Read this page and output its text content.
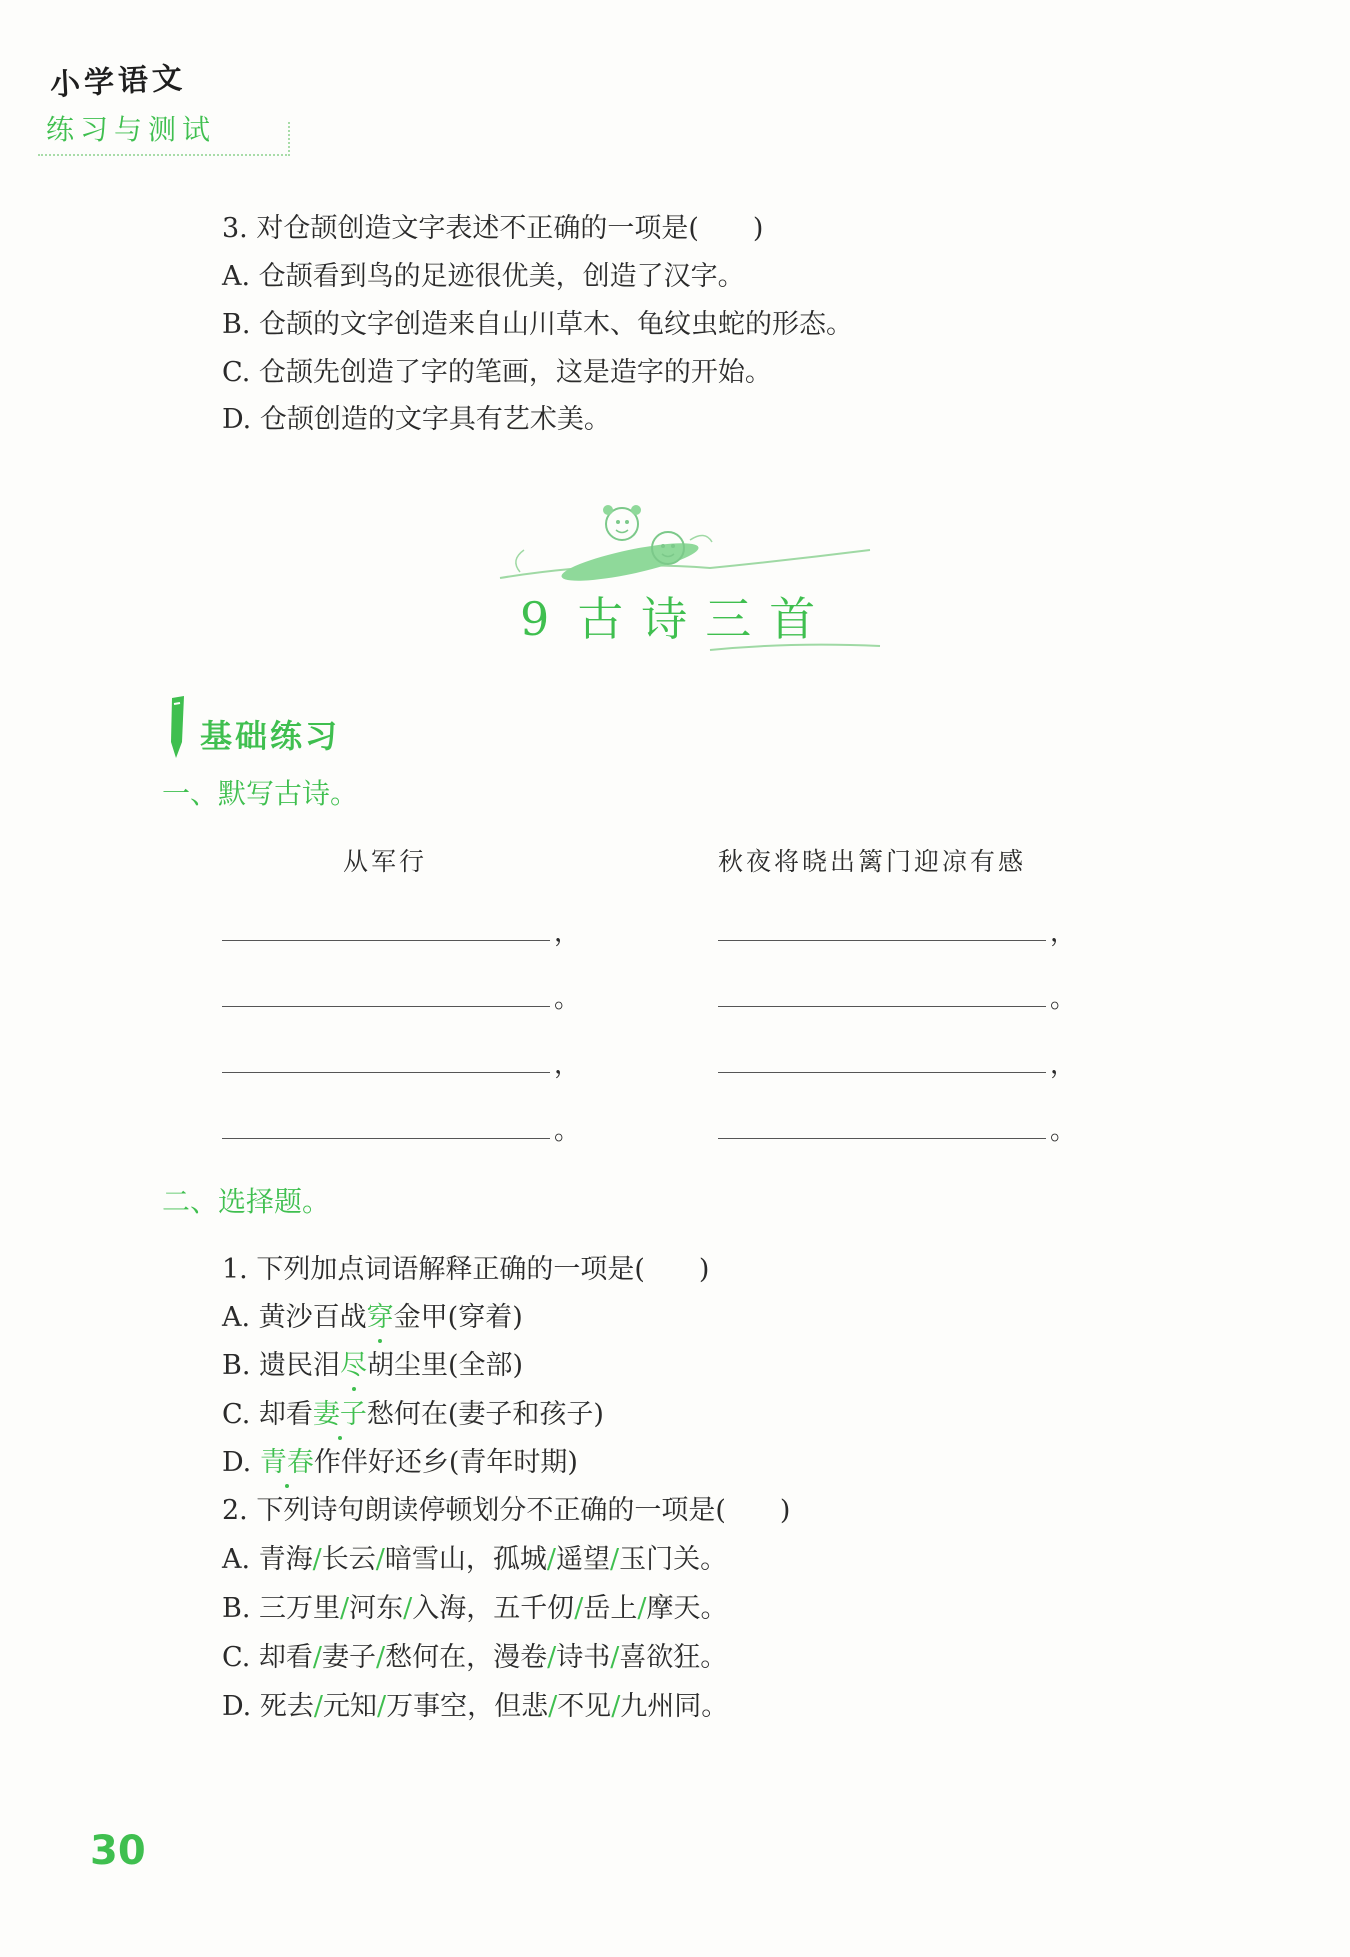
小学语文
练习与测试
3. 对仓颉创造文字表述不正确的一项是(　　)
A. 仓颉看到鸟的足迹很优美，创造了汉字。
B. 仓颉的文字创造来自山川草木、龟纹虫蛇的形态。
C. 仓颉先创造了字的笔画，这是造字的开始。
D. 仓颉创造的文字具有艺术美。
9 古诗三首
基础练习
一、默写古诗。
从军行	秋夜将晓出篱门迎凉有感
，
。
，
。
，
。
，
。
二、选择题。
1. 下列加点词语解释正确的一项是(　　)
A. 黄沙百战穿金甲(穿着)
B. 遗民泪尽胡尘里(全部)
C. 却看妻子愁何在(妻子和孩子)
D. 青春作伴好还乡(青年时期)
2. 下列诗句朗读停顿划分不正确的一项是(　　)
A. 青海/长云/暗雪山，孤城/遥望/玉门关。
B. 三万里/河东/入海，五千仞/岳上/摩天。
C. 却看/妻子/愁何在，漫卷/诗书/喜欲狂。
D. 死去/元知/万事空，但悲/不见/九州同。
30
